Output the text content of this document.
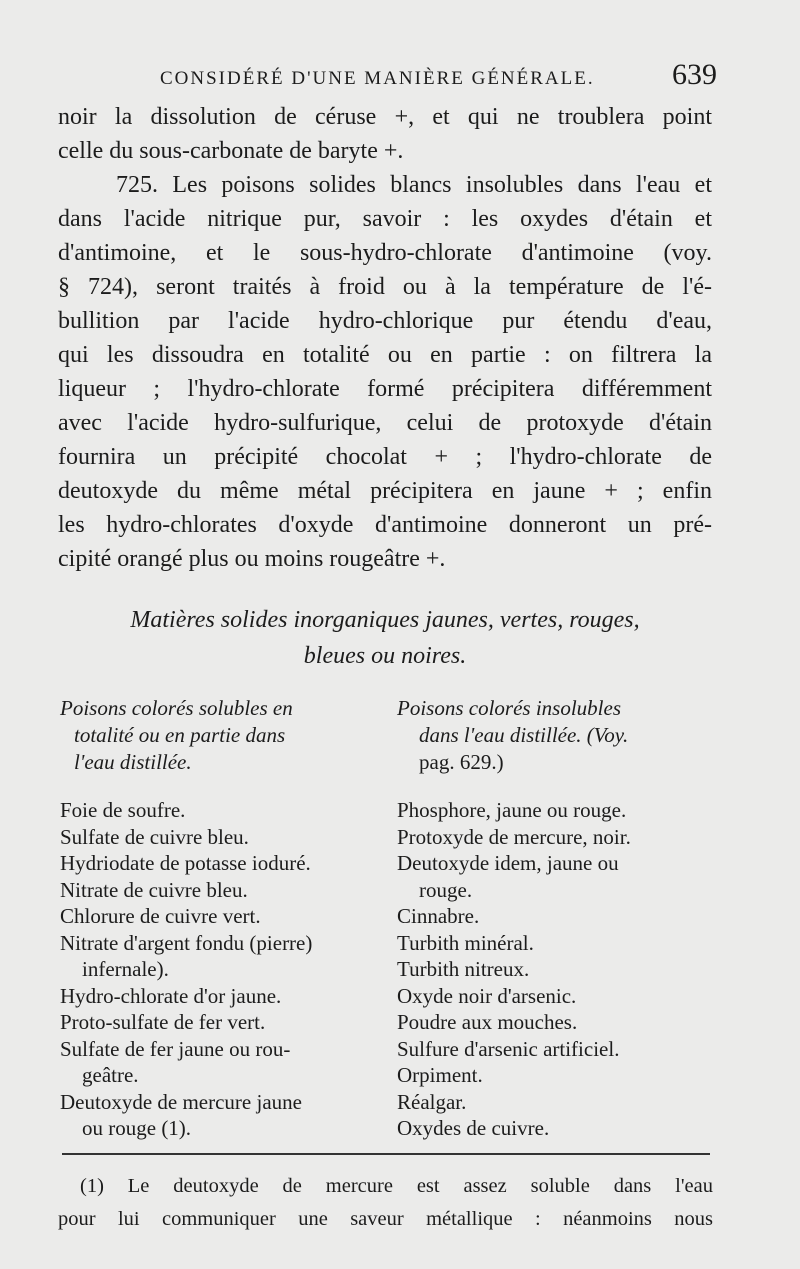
CONSIDÉRÉ D'UNE MANIÈRE GÉNÉRALE.	639
noir la dissolution de céruse +, et qui ne troublera point
celle du sous-carbonate de baryte +.
725. Les poisons solides blancs insolubles dans l'eau et
dans l'acide nitrique pur, savoir : les oxydes d'étain et
d'antimoine, et le sous-hydro-chlorate d'antimoine (voy.
§ 724), seront traités à froid ou à la température de l'é-
bullition par l'acide hydro-chlorique pur étendu d'eau,
qui les dissoudra en totalité ou en partie : on filtrera la
liqueur ; l'hydro-chlorate formé précipitera différemment
avec l'acide hydro-sulfurique, celui de protoxyde d'étain
fournira un précipité chocolat + ; l'hydro-chlorate de
deutoxyde du même métal précipitera en jaune + ; enfin
les hydro-chlorates d'oxyde d'antimoine donneront un pré-
cipité orangé plus ou moins rougeâtre +.
Matières solides inorganiques jaunes, vertes, rouges,
bleues ou noires.
Poisons colorés solubles en
totalité ou en partie dans
l'eau distillée.
Poisons colorés insolubles
dans l'eau distillée. (Voy.
pag. 629.)
Foie de soufre.
Sulfate de cuivre bleu.
Hydriodate de potasse ioduré.
Nitrate de cuivre bleu.
Chlorure de cuivre vert.
Nitrate d'argent fondu (pierre)
infernale).
Hydro-chlorate d'or jaune.
Proto-sulfate de fer vert.
Sulfate de fer jaune ou rou-
geâtre.
Deutoxyde de mercure jaune
ou rouge (1).
Phosphore, jaune ou rouge.
Protoxyde de mercure, noir.
Deutoxyde idem, jaune ou
rouge.
Cinnabre.
Turbith minéral.
Turbith nitreux.
Oxyde noir d'arsenic.
Poudre aux mouches.
Sulfure d'arsenic artificiel.
Orpiment.
Réalgar.
Oxydes de cuivre.
(1) Le deutoxyde de mercure est assez soluble dans l'eau
pour lui communiquer une saveur métallique : néanmoins nous
